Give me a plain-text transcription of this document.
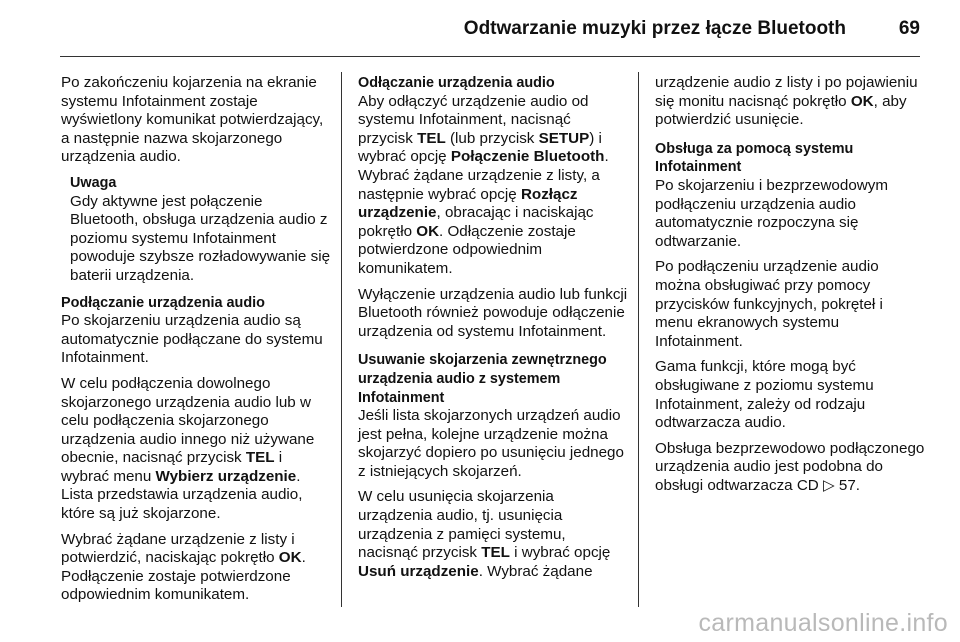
Odtwarzanie muzyki przez łącze Bluetooth	69

Po zakończeniu kojarzenia na ekranie systemu Infotainment zostaje wyświetlony komunikat potwierdzający, a następnie nazwa skojarzonego urządzenia audio.

Uwaga
Gdy aktywne jest połączenie Bluetooth, obsługa urządzenia audio z poziomu systemu Infotainment powoduje szybsze rozładowywanie się baterii urządzenia.
Podłączanie urządzenia audio

Po skojarzeniu urządzenia audio są automatycznie podłączane do systemu Infotainment.

W celu podłączenia dowolnego skojarzonego urządzenia audio lub w celu podłączenia skojarzonego urządzenia audio innego niż używane obecnie, nacisnąć przycisk TEL i wybrać menu Wybierz urządzenie. Lista przedstawia urządzenia audio, które są już skojarzone.

Wybrać żądane urządzenie z listy i potwierdzić, naciskając pokrętło OK. Podłączenie zostaje potwierdzone odpowiednim komunikatem.

Odłączanie urządzenia audio

Aby odłączyć urządzenie audio od systemu Infotainment, nacisnąć przycisk TEL (lub przycisk SETUP) i wybrać opcję Połączenie Bluetooth. Wybrać żądane urządzenie z listy, a następnie wybrać opcję Rozłącz urządzenie, obracając i naciskając pokrętło OK. Odłączenie zostaje potwierdzone odpowiednim komunikatem.

Wyłączenie urządzenia audio lub funkcji Bluetooth również powoduje odłączenie urządzenia od systemu Infotainment.

Usuwanie skojarzenia zewnętrznego urządzenia audio z systemem Infotainment

Jeśli lista skojarzonych urządzeń audio jest pełna, kolejne urządzenie można skojarzyć dopiero po usunięciu jednego z istniejących skojarzeń.

W celu usunięcia skojarzenia urządzenia audio, tj. usunięcia urządzenia z pamięci systemu, nacisnąć przycisk TEL i wybrać opcję Usuń urządzenie. Wybrać żądane

urządzenie audio z listy i po pojawieniu się monitu nacisnąć pokrętło OK, aby potwierdzić usunięcie.

Obsługa za pomocą systemu Infotainment

Po skojarzeniu i bezprzewodowym podłączeniu urządzenia audio automatycznie rozpoczyna się odtwarzanie.

Po podłączeniu urządzenie audio można obsługiwać przy pomocy przycisków funkcyjnych, pokręteł i menu ekranowych systemu Infotainment.

Gama funkcji, które mogą być obsługiwane z poziomu systemu Infotainment, zależy od rodzaju odtwarzacza audio.

Obsługa bezprzewodowo podłączonego urządzenia audio jest podobna do obsługi odtwarzacza CD ▷ 57.

carmanualsonline.info
